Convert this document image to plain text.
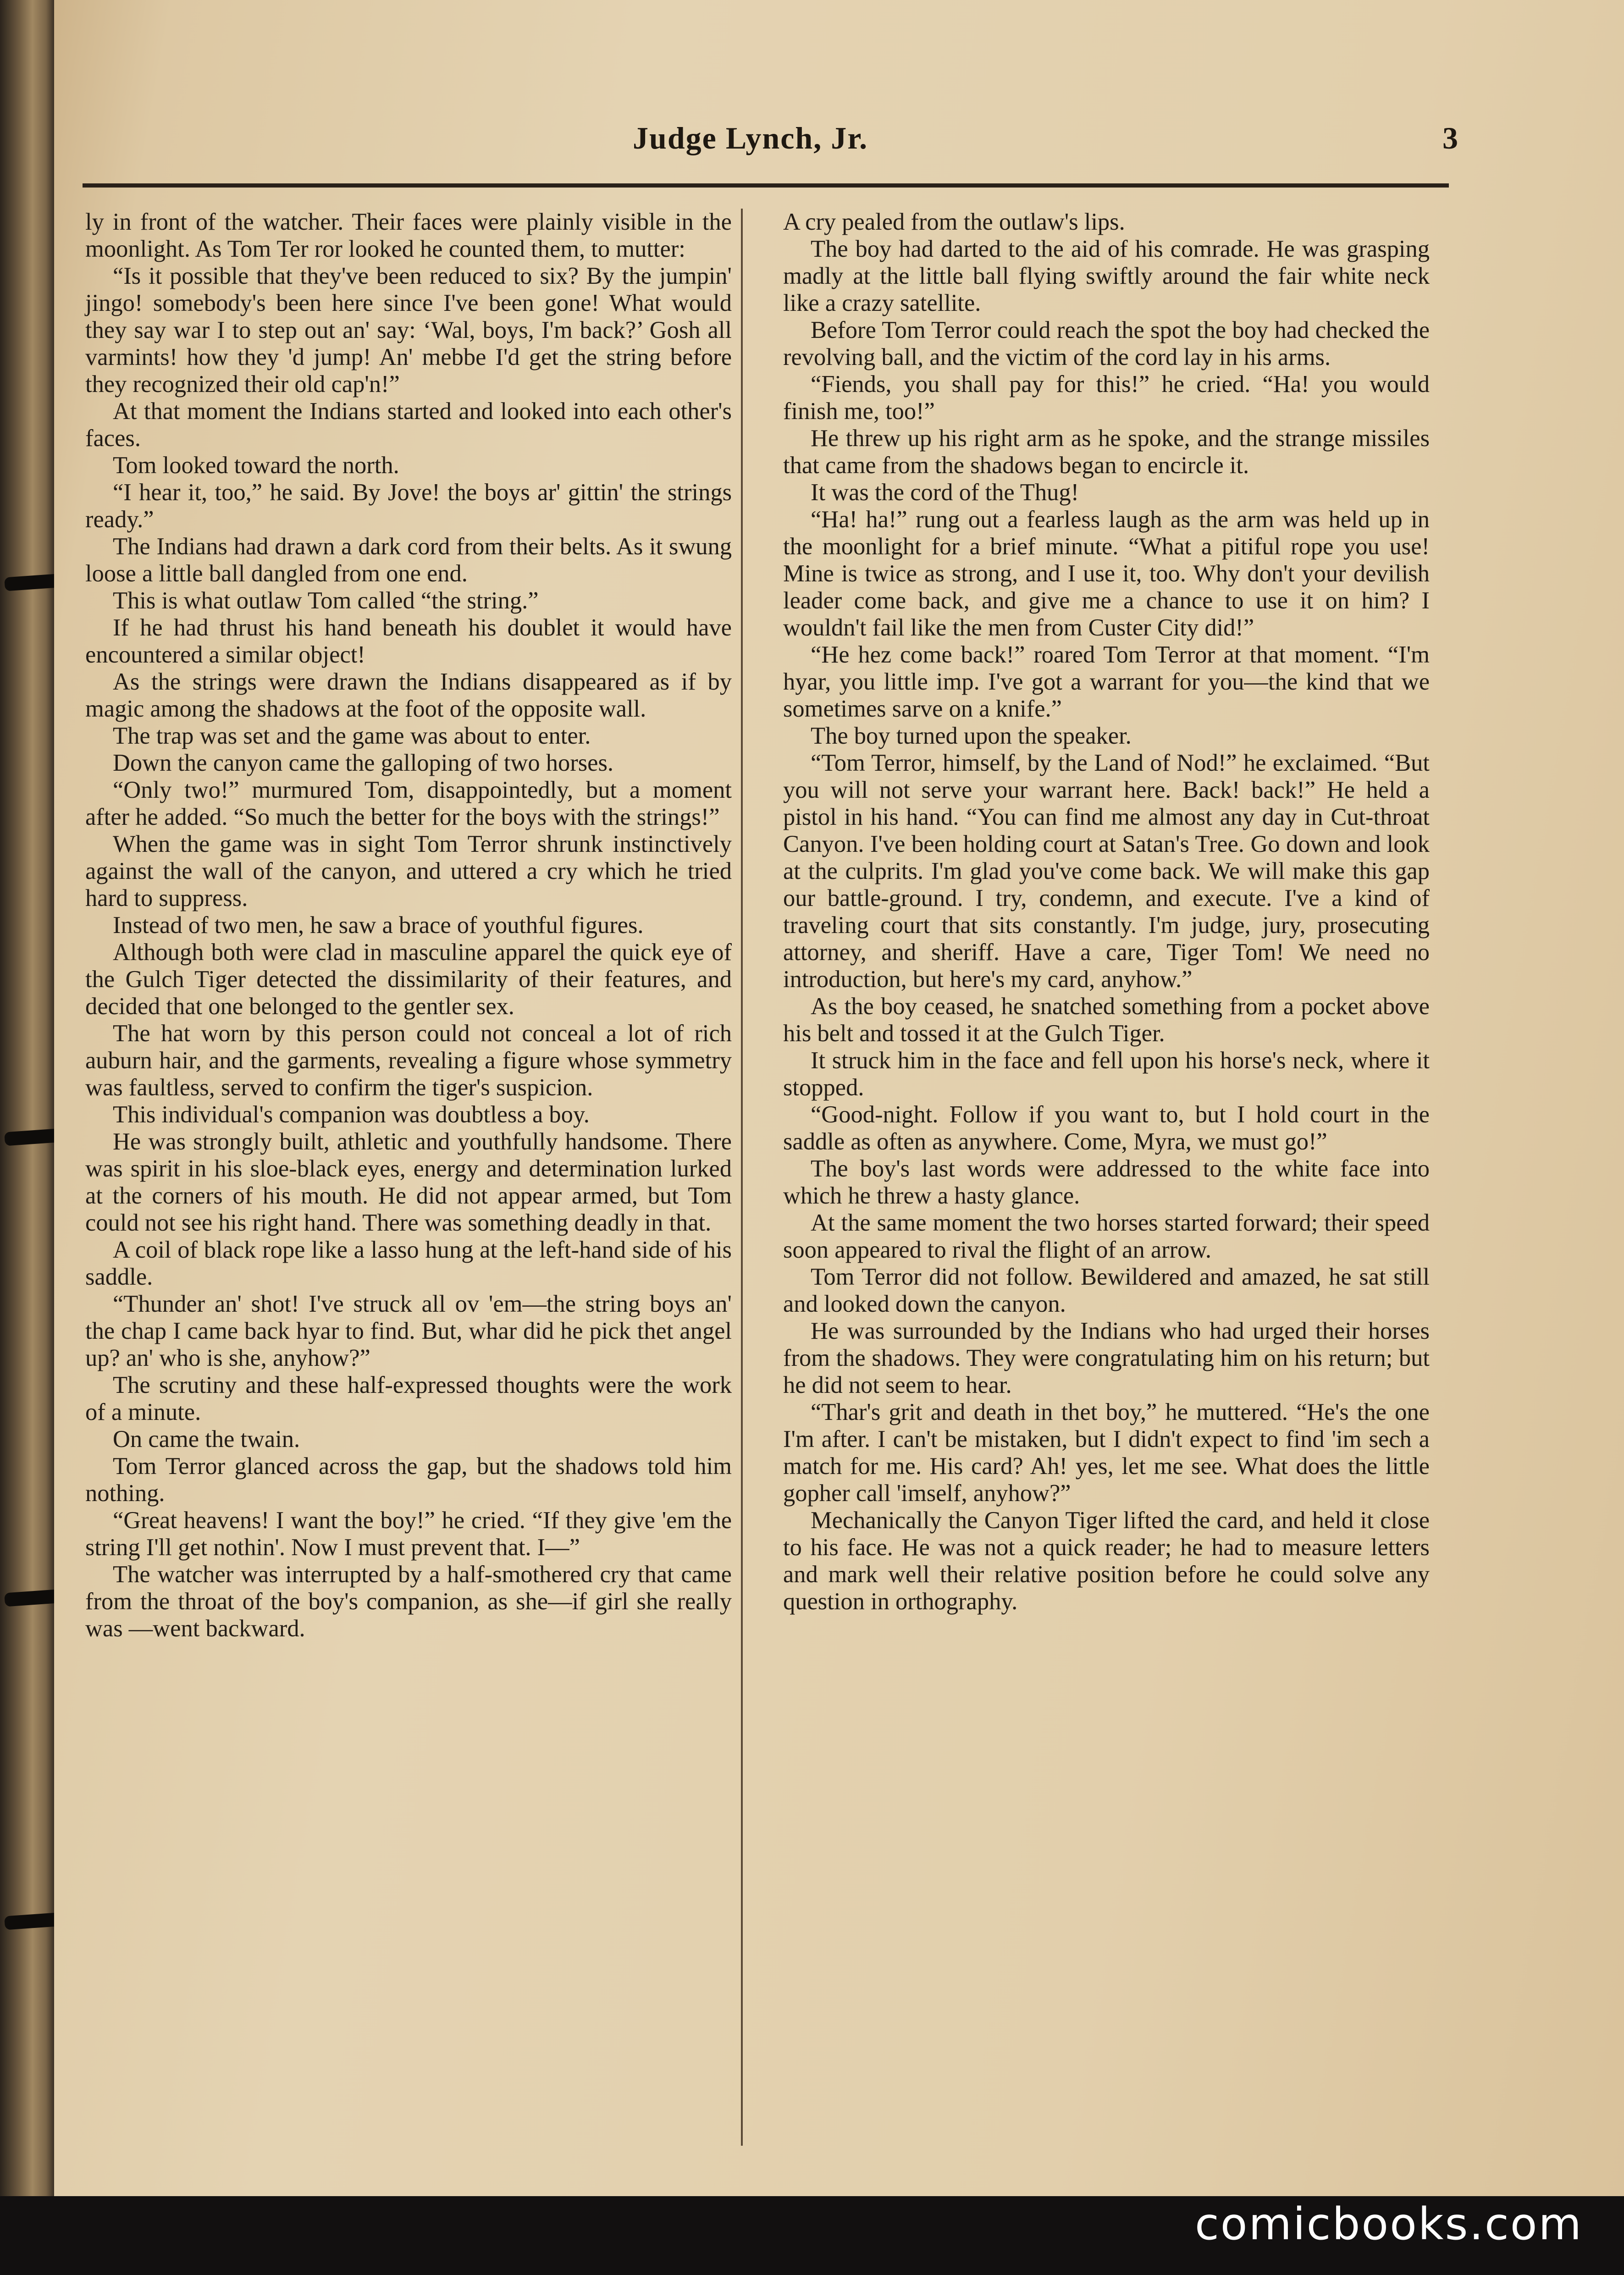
Judge Lynch, Jr.	3

ly in front of the watcher. Their faces were plainly visible in the moonlight. As Tom Ter ror looked he counted them, to mutter:

“Is it possible that they've been reduced to six? By the jumpin' jingo! somebody's been here since I've been gone! What would they say war I to step out an' say: ‘Wal, boys, I'm back?’ Gosh all varmints! how they 'd jump! An' mebbe I'd get the string before they recognized their old cap'n!”

At that moment the Indians started and looked into each other's faces.

Tom looked toward the north.

“I hear it, too,” he said. By Jove! the boys ar' gittin' the strings ready.”

The Indians had drawn a dark cord from their belts. As it swung loose a little ball dangled from one end.

This is what outlaw Tom called “the string.”

If he had thrust his hand beneath his doublet it would have encountered a similar object!

As the strings were drawn the Indians disappeared as if by magic among the shadows at the foot of the opposite wall.

The trap was set and the game was about to enter.

Down the canyon came the galloping of two horses.

“Only two!” murmured Tom, disappointedly, but a moment after he added. “So much the better for the boys with the strings!”

When the game was in sight Tom Terror shrunk instinctively against the wall of the canyon, and uttered a cry which he tried hard to suppress.

Instead of two men, he saw a brace of youthful figures.

Although both were clad in masculine apparel the quick eye of the Gulch Tiger detected the dissimilarity of their features, and decided that one belonged to the gentler sex.

The hat worn by this person could not conceal a lot of rich auburn hair, and the garments, revealing a figure whose symmetry was faultless, served to confirm the tiger's suspicion.

This individual's companion was doubtless a boy.

He was strongly built, athletic and youthfully handsome. There was spirit in his sloe-black eyes, energy and determination lurked at the corners of his mouth. He did not appear armed, but Tom could not see his right hand. There was something deadly in that.

A coil of black rope like a lasso hung at the left-hand side of his saddle.

“Thunder an' shot! I've struck all ov 'em—the string boys an' the chap I came back hyar to find. But, whar did he pick thet angel up? an' who is she, anyhow?”

The scrutiny and these half-expressed thoughts were the work of a minute.

On came the twain.

Tom Terror glanced across the gap, but the shadows told him nothing.

“Great heavens! I want the boy!” he cried. “If they give 'em the string I'll get nothin'. Now I must prevent that. I—”

The watcher was interrupted by a half-smothered cry that came from the throat of the boy's companion, as she—if girl she really was —went backward.

A cry pealed from the outlaw's lips.

The boy had darted to the aid of his comrade. He was grasping madly at the little ball flying swiftly around the fair white neck like a crazy satellite.

Before Tom Terror could reach the spot the boy had checked the revolving ball, and the victim of the cord lay in his arms.

“Fiends, you shall pay for this!” he cried. “Ha! you would finish me, too!”

He threw up his right arm as he spoke, and the strange missiles that came from the shadows began to encircle it.

It was the cord of the Thug!

“Ha! ha!” rung out a fearless laugh as the arm was held up in the moonlight for a brief minute. “What a pitiful rope you use! Mine is twice as strong, and I use it, too. Why don't your devilish leader come back, and give me a chance to use it on him? I wouldn't fail like the men from Custer City did!”

“He hez come back!” roared Tom Terror at that moment. “I'm hyar, you little imp. I've got a warrant for you—the kind that we sometimes sarve on a knife.”

The boy turned upon the speaker.

“Tom Terror, himself, by the Land of Nod!” he exclaimed. “But you will not serve your warrant here. Back! back!” He held a pistol in his hand. “You can find me almost any day in Cut-throat Canyon. I've been holding court at Satan's Tree. Go down and look at the culprits. I'm glad you've come back. We will make this gap our battle-ground. I try, condemn, and execute. I've a kind of traveling court that sits constantly. I'm judge, jury, prosecuting attorney, and sheriff. Have a care, Tiger Tom! We need no introduction, but here's my card, anyhow.”

As the boy ceased, he snatched something from a pocket above his belt and tossed it at the Gulch Tiger.

It struck him in the face and fell upon his horse's neck, where it stopped.

“Good-night. Follow if you want to, but I hold court in the saddle as often as anywhere. Come, Myra, we must go!”

The boy's last words were addressed to the white face into which he threw a hasty glance.

At the same moment the two horses started forward; their speed soon appeared to rival the flight of an arrow.

Tom Terror did not follow. Bewildered and amazed, he sat still and looked down the canyon.

He was surrounded by the Indians who had urged their horses from the shadows. They were congratulating him on his return; but he did not seem to hear.

“Thar's grit and death in thet boy,” he muttered. “He's the one I'm after. I can't be mistaken, but I didn't expect to find 'im sech a match for me. His card? Ah! yes, let me see. What does the little gopher call 'imself, anyhow?”

Mechanically the Canyon Tiger lifted the card, and held it close to his face. He was not a quick reader; he had to measure letters and mark well their relative position before he could solve any question in orthography.

comicbooks.com
